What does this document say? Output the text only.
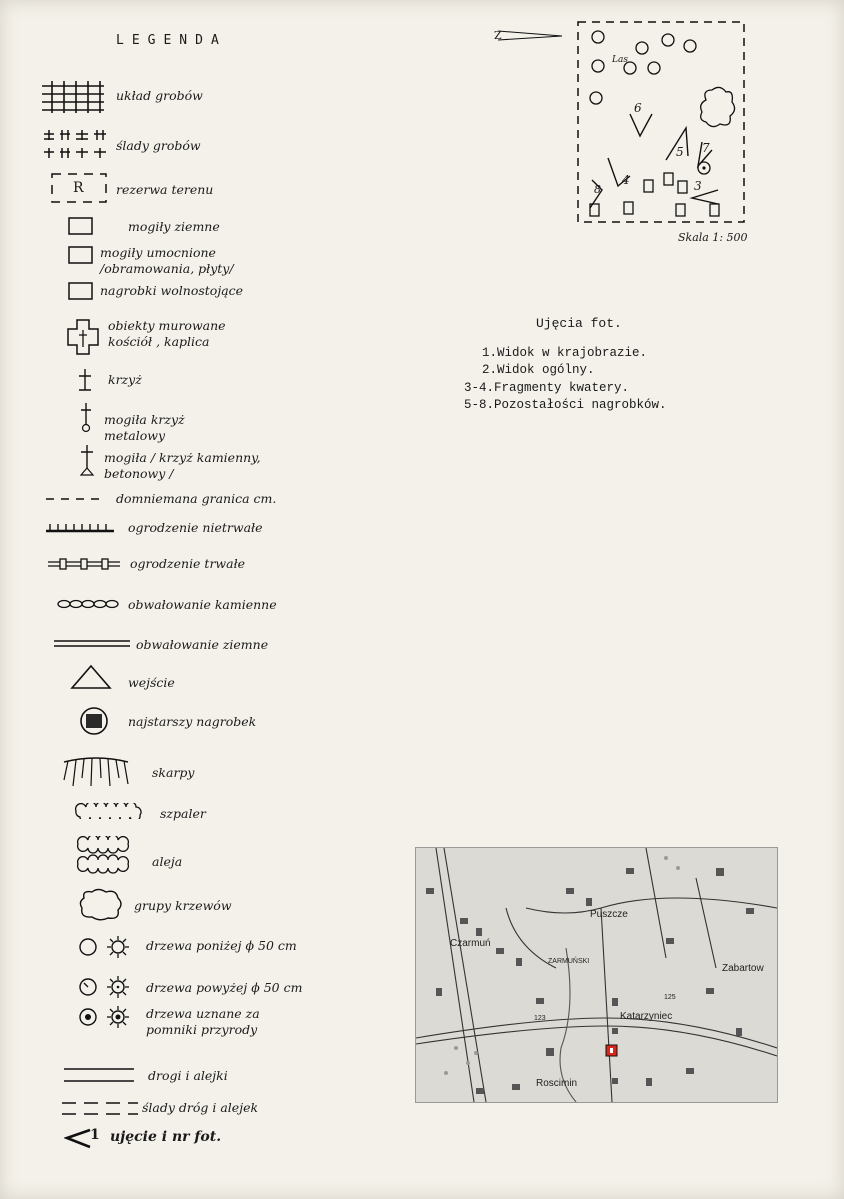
LEGENDA
układ grobów
ślady grobów
R	rezerwa terenu
mogiły ziemne
mogiły umocnione /obramowania, płyty/
nagrobki wolnostojące
obiekty murowane kościół , kaplica
krzyż
mogiła krzyż metalowy
mogiła / krzyż kamienny, betonowy /
domniemana granica cm.
ogrodzenie nietrwałe
ogrodzenie trwałe
obwałowanie kamienne
obwałowanie ziemne
wejście
najstarszy nagrobek
skarpy
szpaler
aleja
grupy krzewów
drzewa poniżej ϕ 50 cm
drzewa powyżej ϕ 50 cm
drzewa uznane za pomniki przyrody
drogi i alejki
ślady dróg i alejek
1 ujęcie i nr fot.
Z
Las
6
5 7
3
4
8
Skala 1: 500
Ujęcia fot.
1.Widok w krajobrazie.
2.Widok ogólny.
3-4.Fragmenty kwatery.
5-8.Pozostałości nagrobków.
Puszcze
Czarmuń
ZARMUŃSKI
Zabartow
125
123	Katarzyniec
Roscimin
